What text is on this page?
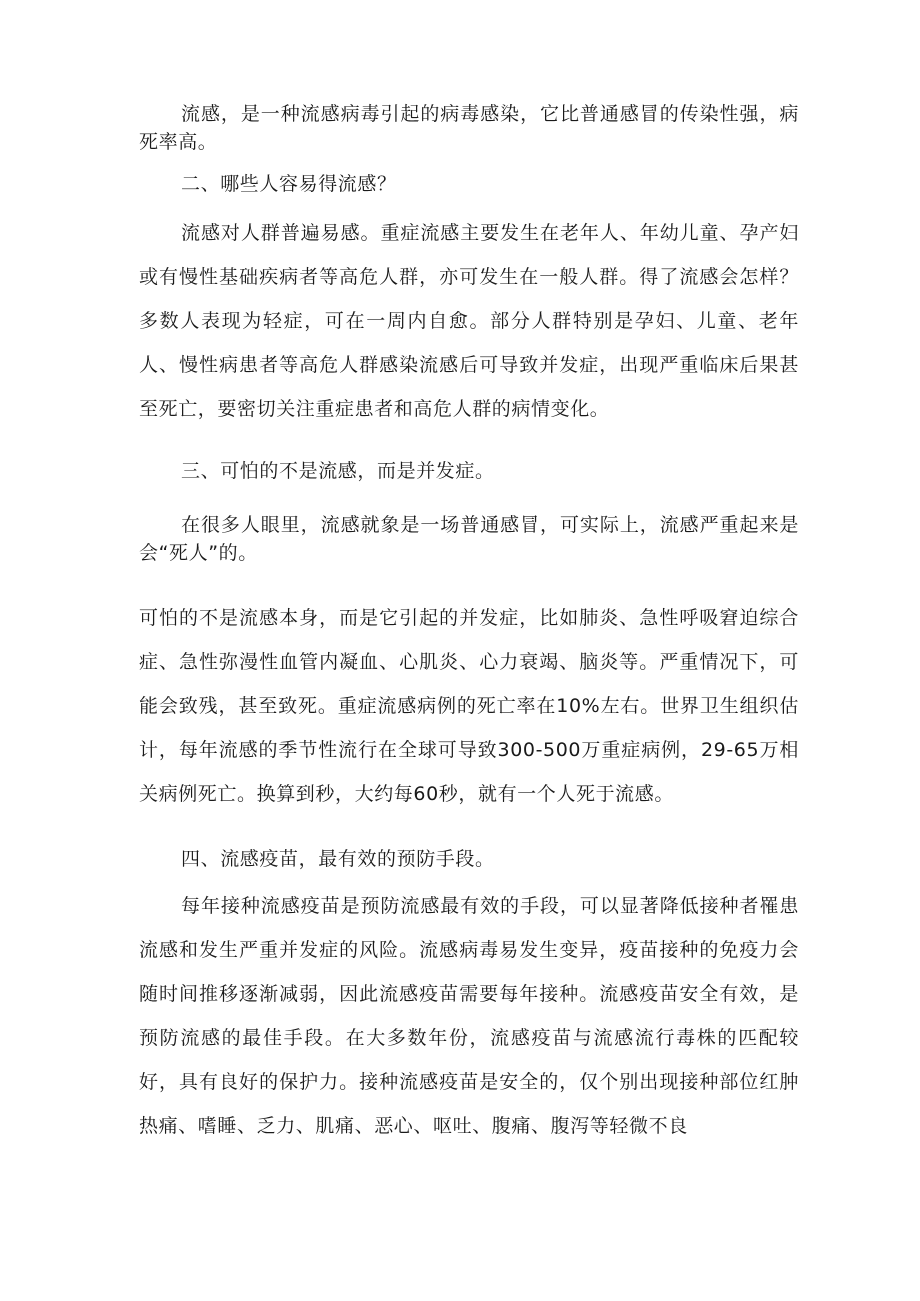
流感，是一种流感病毒引起的病毒感染，它比普通感冒的传染性强，病死率高。

二、哪些人容易得流感？

流感对人群普遍易感。重症流感主要发生在老年人、年幼儿童、孕产妇或有慢性基础疾病者等高危人群，亦可发生在一般人群。得了流感会怎样？多数人表现为轻症，可在一周内自愈。部分人群特别是孕妇、儿童、老年人、慢性病患者等高危人群感染流感后可导致并发症，出现严重临床后果甚至死亡，要密切关注重症患者和高危人群的病情变化。

三、可怕的不是流感，而是并发症。

在很多人眼里，流感就象是一场普通感冒，可实际上，流感严重起来是会“死人”的。

可怕的不是流感本身，而是它引起的并发症，比如肺炎、急性呼吸窘迫综合症、急性弥漫性血管内凝血、心肌炎、心力衰竭、脑炎等。严重情况下，可能会致残，甚至致死。重症流感病例的死亡率在10%左右。世界卫生组织估计，每年流感的季节性流行在全球可导致300-500万重症病例，29-65万相关病例死亡。换算到秒，大约每60秒，就有一个人死于流感。

四、流感疫苗，最有效的预防手段。

每年接种流感疫苗是预防流感最有效的手段，可以显著降低接种者罹患流感和发生严重并发症的风险。流感病毒易发生变异，疫苗接种的免疫力会随时间推移逐渐减弱，因此流感疫苗需要每年接种。流感疫苗安全有效，是预防流感的最佳手段。在大多数年份，流感疫苗与流感流行毒株的匹配较好，具有良好的保护力。接种流感疫苗是安全的，仅个别出现接种部位红肿热痛、嗜睡、乏力、肌痛、恶心、呕吐、腹痛、腹泻等轻微不良
